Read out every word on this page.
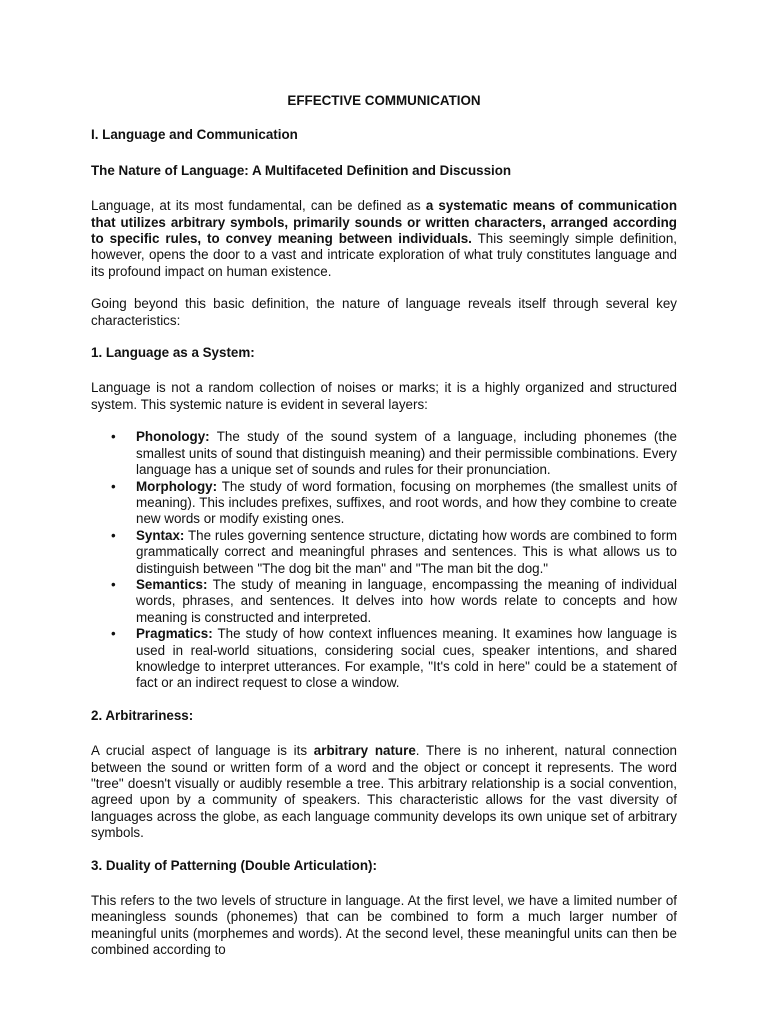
EFFECTIVE COMMUNICATION

I. Language and Communication

The Nature of Language: A Multifaceted Definition and Discussion

Language, at its most fundamental, can be defined as a systematic means of communication that utilizes arbitrary symbols, primarily sounds or written characters, arranged according to specific rules, to convey meaning between individuals. This seemingly simple definition, however, opens the door to a vast and intricate exploration of what truly constitutes language and its profound impact on human existence.

Going beyond this basic definition, the nature of language reveals itself through several key characteristics:

1. Language as a System:

Language is not a random collection of noises or marks; it is a highly organized and structured system. This systemic nature is evident in several layers:

• Phonology: The study of the sound system of a language, including phonemes (the smallest units of sound that distinguish meaning) and their permissible combinations. Every language has a unique set of sounds and rules for their pronunciation.
• Morphology: The study of word formation, focusing on morphemes (the smallest units of meaning). This includes prefixes, suffixes, and root words, and how they combine to create new words or modify existing ones.
• Syntax: The rules governing sentence structure, dictating how words are combined to form grammatically correct and meaningful phrases and sentences. This is what allows us to distinguish between "The dog bit the man" and "The man bit the dog."
• Semantics: The study of meaning in language, encompassing the meaning of individual words, phrases, and sentences. It delves into how words relate to concepts and how meaning is constructed and interpreted.
• Pragmatics: The study of how context influences meaning. It examines how language is used in real-world situations, considering social cues, speaker intentions, and shared knowledge to interpret utterances. For example, "It's cold in here" could be a statement of fact or an indirect request to close a window.

2. Arbitrariness:

A crucial aspect of language is its arbitrary nature. There is no inherent, natural connection between the sound or written form of a word and the object or concept it represents. The word "tree" doesn't visually or audibly resemble a tree. This arbitrary relationship is a social convention, agreed upon by a community of speakers. This characteristic allows for the vast diversity of languages across the globe, as each language community develops its own unique set of arbitrary symbols.

3. Duality of Patterning (Double Articulation):

This refers to the two levels of structure in language. At the first level, we have a limited number of meaningless sounds (phonemes) that can be combined to form a much larger number of meaningful units (morphemes and words). At the second level, these meaningful units can then be combined according to
